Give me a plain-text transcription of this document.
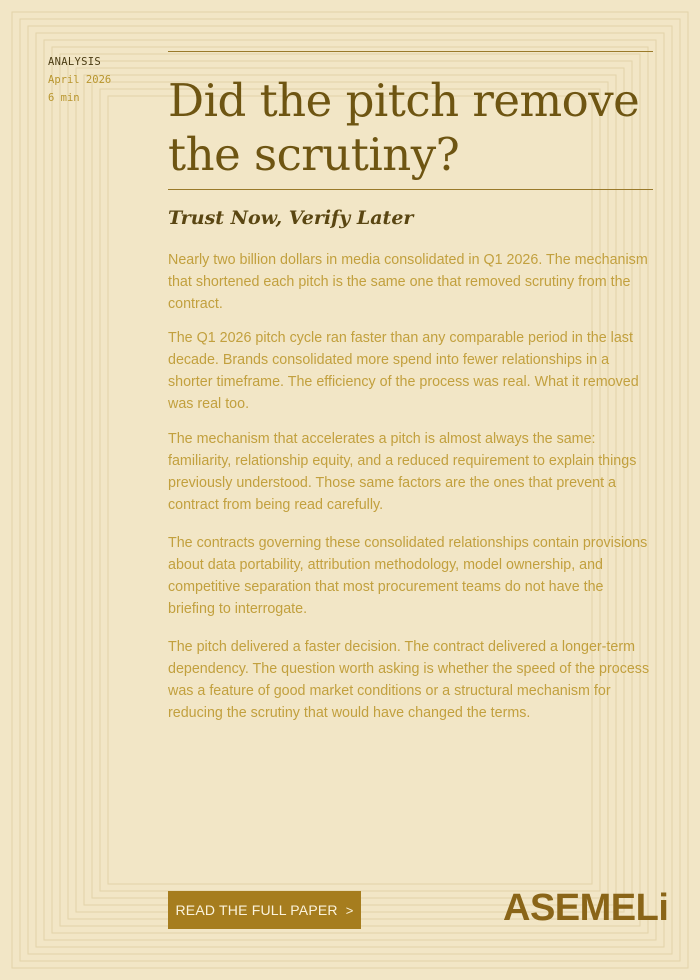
ANALYSIS
April 2026
6 min	Did the pitch remove
the scrutiny?
Trust Now, Verify Later

Nearly two billion dollars in media consolidated in Q1 2026. The mechanism that shortened each pitch is the same one that removed scrutiny from the contract.

The Q1 2026 pitch cycle ran faster than any comparable period in the last decade. Brands consolidated more spend into fewer relationships in a shorter timeframe. The efficiency of the process was real. What it removed was real too.

The mechanism that accelerates a pitch is almost always the same: familiarity, relationship equity, and a reduced requirement to explain things previously understood. Those same factors are the ones that prevent a contract from being read carefully.

The contracts governing these consolidated relationships contain provisions about data portability, attribution methodology, model ownership, and competitive separation that most procurement teams do not have the briefing to interrogate.

The pitch delivered a faster decision. The contract delivered a longer-term dependency. The question worth asking is whether the speed of the process was a feature of good market conditions or a structural mechanism for reducing the scrutiny that would have changed the terms.

READ THE FULL PAPER >	ASEMELi
